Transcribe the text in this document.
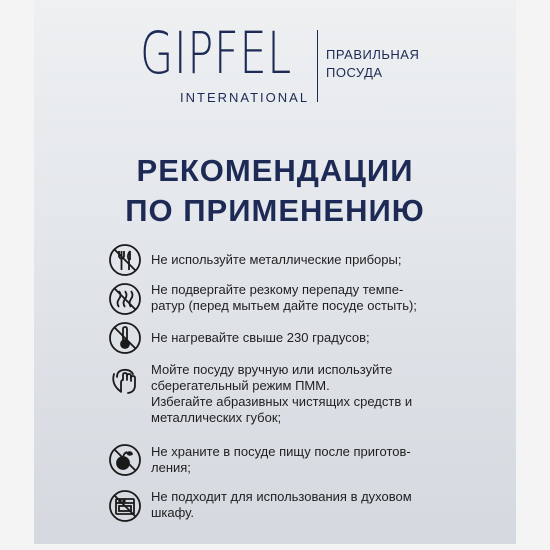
GIPFEL
INTERNATIONAL
ПРАВИЛЬНАЯ
ПОСУДА
РЕКОМЕНДАЦИИ
ПО ПРИМЕНЕНИЮ
Не используйте металлические приборы;
Не подвергайте резкому перепаду темпе-
ратур (перед мытьем дайте посуде остыть);
Не нагревайте свыше 230 градусов;
Мойте посуду вручную или используйте
сберегательный режим ПММ.
Избегайте абразивных чистящих средств и
металлических губок;
Не храните в посуде пищу после приготов-
ления;
Не подходит для использования в духовом
шкафу.
